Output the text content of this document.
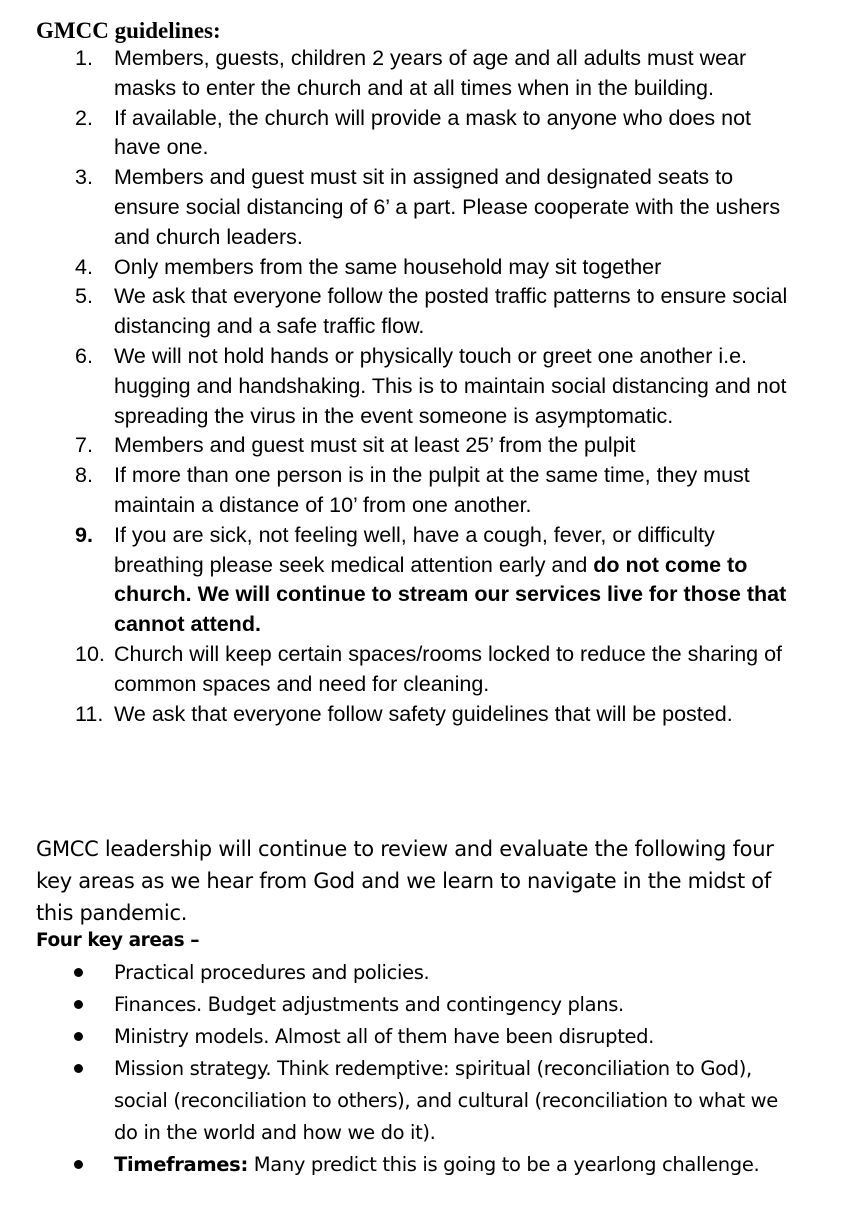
GMCC guidelines:
1. Members, guests, children 2 years of age and all adults must wear masks to enter the church and at all times when in the building.
2. If available, the church will provide a mask to anyone who does not have one.
3. Members and guest must sit in assigned and designated seats to ensure social distancing of 6’ a part. Please cooperate with the ushers and church leaders.
4. Only members from the same household may sit together
5. We ask that everyone follow the posted traffic patterns to ensure social distancing and a safe traffic flow.
6. We will not hold hands or physically touch or greet one another i.e. hugging and handshaking. This is to maintain social distancing and not spreading the virus in the event someone is asymptomatic.
7. Members and guest must sit at least 25’ from the pulpit
8. If more than one person is in the pulpit at the same time, they must maintain a distance of 10’ from one another.
9. If you are sick, not feeling well, have a cough, fever, or difficulty breathing please seek medical attention early and do not come to church. We will continue to stream our services live for those that cannot attend.
10. Church will keep certain spaces/rooms locked to reduce the sharing of common spaces and need for cleaning.
11. We ask that everyone follow safety guidelines that will be posted.

GMCC leadership will continue to review and evaluate the following four key areas as we hear from God and we learn to navigate in the midst of this pandemic.

Four key areas –

Practical procedures and policies.
Finances. Budget adjustments and contingency plans.
Ministry models. Almost all of them have been disrupted.
Mission strategy. Think redemptive: spiritual (reconciliation to God), social (reconciliation to others), and cultural (reconciliation to what we do in the world and how we do it).
Timeframes: Many predict this is going to be a yearlong challenge.
